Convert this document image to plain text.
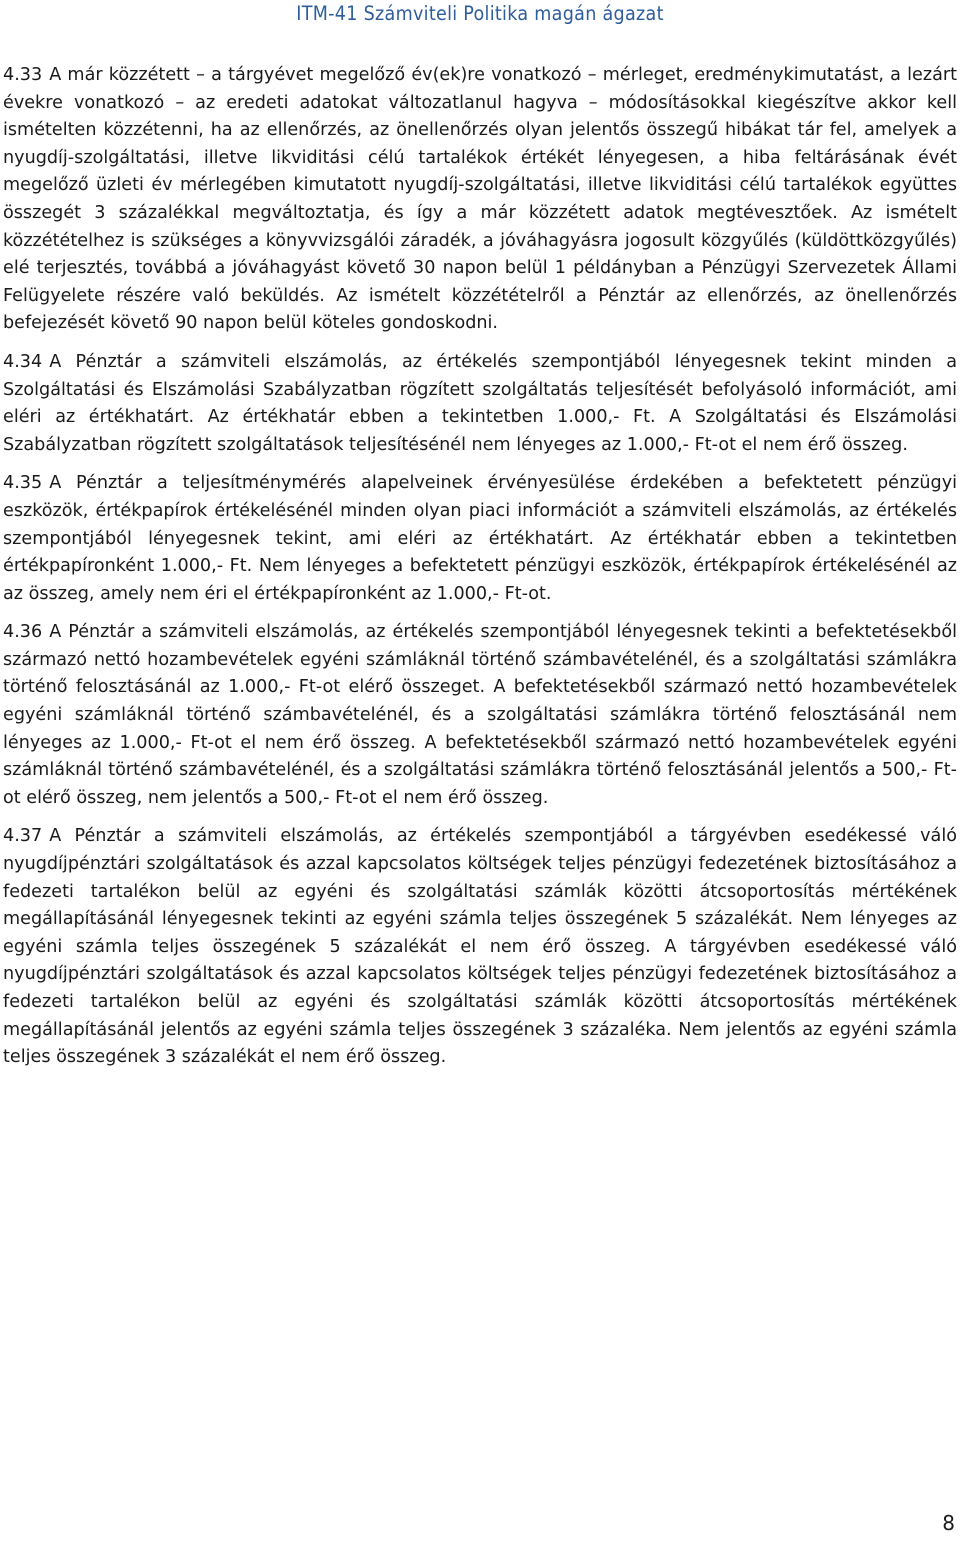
ITM-41 Számviteli Politika magán ágazat

4.33 A már közzétett – a tárgyévet megelőző év(ek)re vonatkozó – mérleget, eredménykimutatást, a lezárt évekre vonatkozó – az eredeti adatokat változatlanul hagyva – módosításokkal kiegészítve akkor kell ismételten közzétenni, ha az ellenőrzés, az önellenőrzés olyan jelentős összegű hibákat tár fel, amelyek a nyugdíj-szolgáltatási, illetve likviditási célú tartalékok értékét lényegesen, a hiba feltárásának évét megelőző üzleti év mérlegében kimutatott nyugdíj-szolgáltatási, illetve likviditási célú tartalékok együttes összegét 3 százalékkal megváltoztatja, és így a már közzétett adatok megtévesztőek. Az ismételt közzétételhez is szükséges a könyvvizsgálói záradék, a jóváhagyásra jogosult közgyűlés (küldöttközgyűlés) elé terjesztés, továbbá a jóváhagyást követő 30 napon belül 1 példányban a Pénzügyi Szervezetek Állami Felügyelete részére való beküldés. Az ismételt közzétételről a Pénztár az ellenőrzés, az önellenőrzés befejezését követő 90 napon belül köteles gondoskodni.

4.34 A Pénztár a számviteli elszámolás, az értékelés szempontjából lényegesnek tekint minden a Szolgáltatási és Elszámolási Szabályzatban rögzített szolgáltatás teljesítését befolyásoló információt, ami eléri az értékhatárt. Az értékhatár ebben a tekintetben 1.000,- Ft. A Szolgáltatási és Elszámolási Szabályzatban rögzített szolgáltatások teljesítésénél nem lényeges az 1.000,- Ft-ot el nem érő összeg.

4.35 A Pénztár a teljesítménymérés alapelveinek érvényesülése érdekében a befektetett pénzügyi eszközök, értékpapírok értékelésénél minden olyan piaci információt a számviteli elszámolás, az értékelés szempontjából lényegesnek tekint, ami eléri az értékhatárt. Az értékhatár ebben a tekintetben értékpapíronként 1.000,- Ft. Nem lényeges a befektetett pénzügyi eszközök, értékpapírok értékelésénél az az összeg, amely nem éri el értékpapíronként az 1.000,- Ft-ot.

4.36 A Pénztár a számviteli elszámolás, az értékelés szempontjából lényegesnek tekinti a befektetésekből származó nettó hozambevételek egyéni számláknál történő számbavételénél, és a szolgáltatási számlákra történő felosztásánál az 1.000,- Ft-ot elérő összeget. A befektetésekből származó nettó hozambevételek egyéni számláknál történő számbavételénél, és a szolgáltatási számlákra történő felosztásánál nem lényeges az 1.000,- Ft-ot el nem érő összeg. A befektetésekből származó nettó hozambevételek egyéni számláknál történő számbavételénél, és a szolgáltatási számlákra történő felosztásánál jelentős a 500,- Ft-ot elérő összeg, nem jelentős a 500,- Ft-ot el nem érő összeg.

4.37 A Pénztár a számviteli elszámolás, az értékelés szempontjából a tárgyévben esedékessé váló nyugdíjpénztári szolgáltatások és azzal kapcsolatos költségek teljes pénzügyi fedezetének biztosításához a fedezeti tartalékon belül az egyéni és szolgáltatási számlák közötti átcsoportosítás mértékének megállapításánál lényegesnek tekinti az egyéni számla teljes összegének 5 százalékát. Nem lényeges az egyéni számla teljes összegének 5 százalékát el nem érő összeg. A tárgyévben esedékessé váló nyugdíjpénztári szolgáltatások és azzal kapcsolatos költségek teljes pénzügyi fedezetének biztosításához a fedezeti tartalékon belül az egyéni és szolgáltatási számlák közötti átcsoportosítás mértékének megállapításánál jelentős az egyéni számla teljes összegének 3 százaléka. Nem jelentős az egyéni számla teljes összegének 3 százalékát el nem érő összeg.

8
